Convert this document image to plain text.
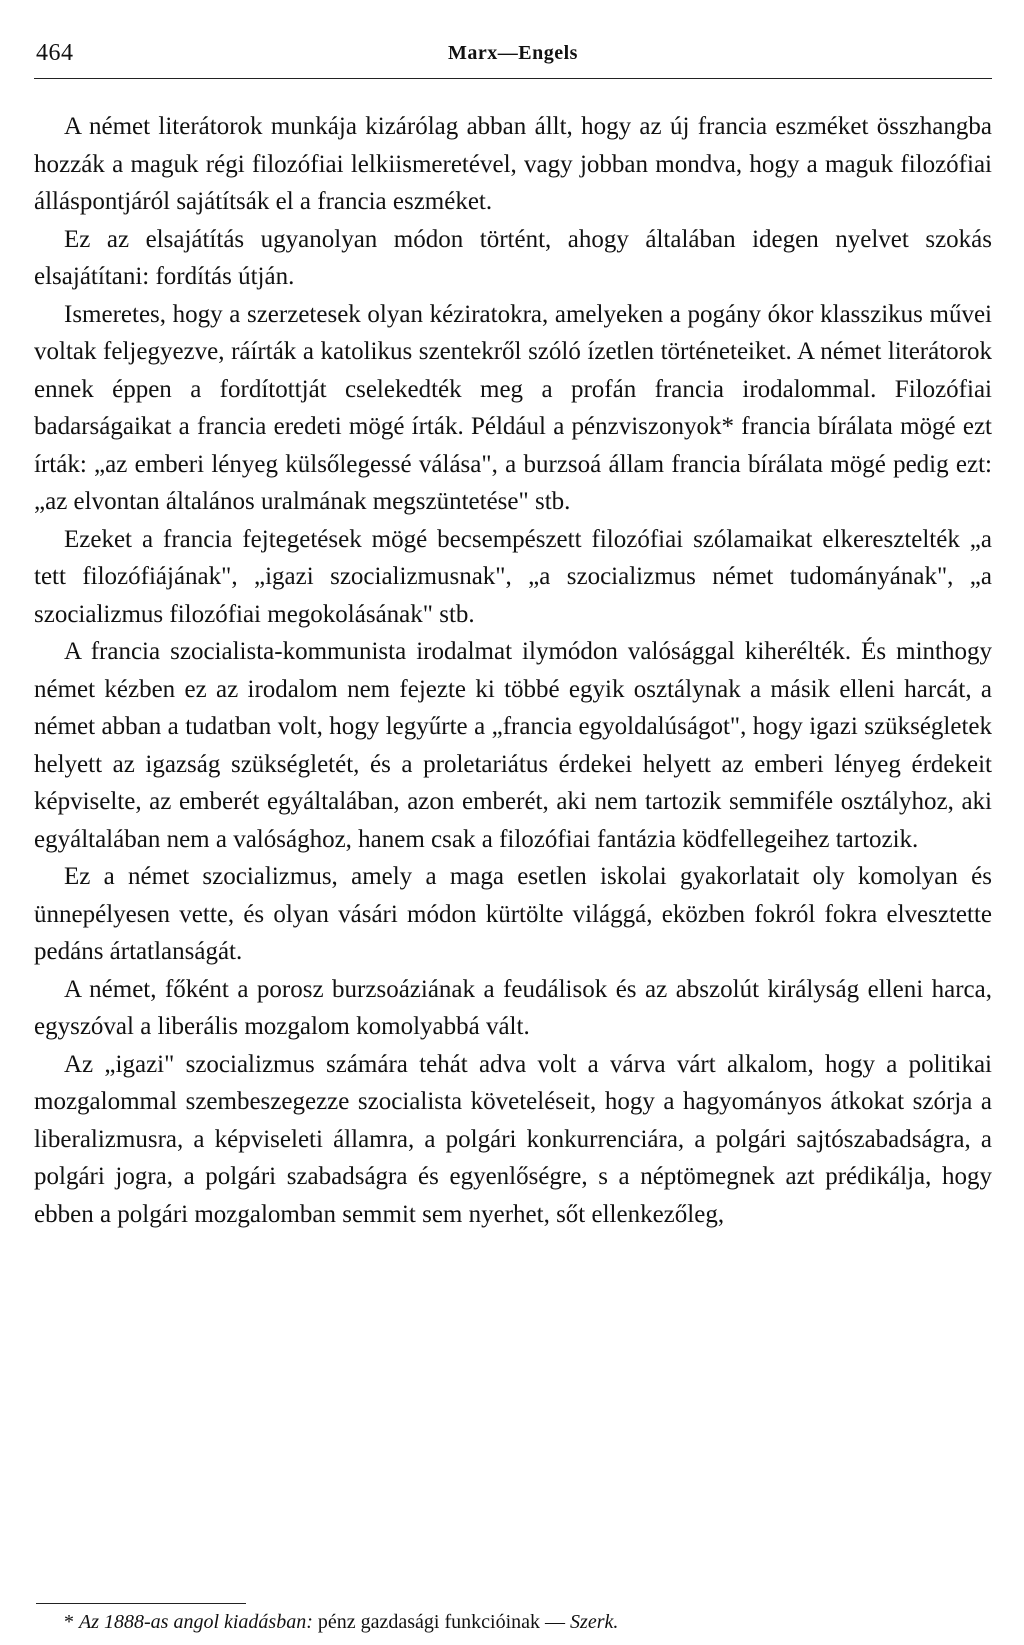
464	Marx—Engels

A német literátorok munkája kizárólag abban állt, hogy az új francia eszméket összhangba hozzák a maguk régi filozófiai lelkiismeretével, vagy jobban mondva, hogy a maguk filozófiai álláspontjáról sajátítsák el a francia eszméket.

Ez az elsajátítás ugyanolyan módon történt, ahogy általában idegen nyelvet szokás elsajátítani: fordítás útján.

Ismeretes, hogy a szerzetesek olyan kéziratokra, amelyeken a pogány ókor klasszikus művei voltak feljegyezve, ráírták a katolikus szentekről szóló ízetlen történeteiket. A német literátorok ennek éppen a fordítottját cselekedték meg a profán francia irodalommal. Filozófiai badarságaikat a francia eredeti mögé írták. Például a pénzviszonyok* francia bírálata mögé ezt írták: „az emberi lényeg külsőlegessé válása", a burzsoá állam francia bírálata mögé pedig ezt: „az elvontan általános uralmának megszüntetése" stb.

Ezeket a francia fejtegetések mögé becsempészett filozófiai szólamaikat elkeresztelték „a tett filozófiájának", „igazi szocializmusnak", „a szocializmus német tudományának", „a szocializmus filozófiai megokolásának" stb.

A francia szocialista-kommunista irodalmat ilymódon valósággal kiherélték. És minthogy német kézben ez az irodalom nem fejezte ki többé egyik osztálynak a másik elleni harcát, a német abban a tudatban volt, hogy legyűrte a „francia egyoldalúságot", hogy igazi szükségletek helyett az igazság szükségletét, és a proletariátus érdekei helyett az emberi lényeg érdekeit képviselte, az emberét egyáltalában, azon emberét, aki nem tartozik semmiféle osztályhoz, aki egyáltalában nem a valósághoz, hanem csak a filozófiai fantázia ködfellegeihez tartozik.

Ez a német szocializmus, amely a maga esetlen iskolai gyakorlatait oly komolyan és ünnepélyesen vette, és olyan vásári módon kürtölte világgá, eközben fokról fokra elvesztette pedáns ártatlanságát.

A német, főként a porosz burzsoáziának a feudálisok és az abszolút királyság elleni harca, egyszóval a liberális mozgalom komolyabbá vált.

Az „igazi" szocializmus számára tehát adva volt a várva várt alkalom, hogy a politikai mozgalommal szembeszegezze szocialista követeléseit, hogy a hagyományos átkokat szórja a liberalizmusra, a képviseleti államra, a polgári konkurrenciára, a polgári sajtószabadságra, a polgári jogra, a polgári szabadságra és egyenlőségre, s a néptömegnek azt prédikálja, hogy ebben a polgári mozgalomban semmit sem nyerhet, sőt ellenkezőleg,

* Az 1888-as angol kiadásban: pénz gazdasági funkcióinak — Szerk.
